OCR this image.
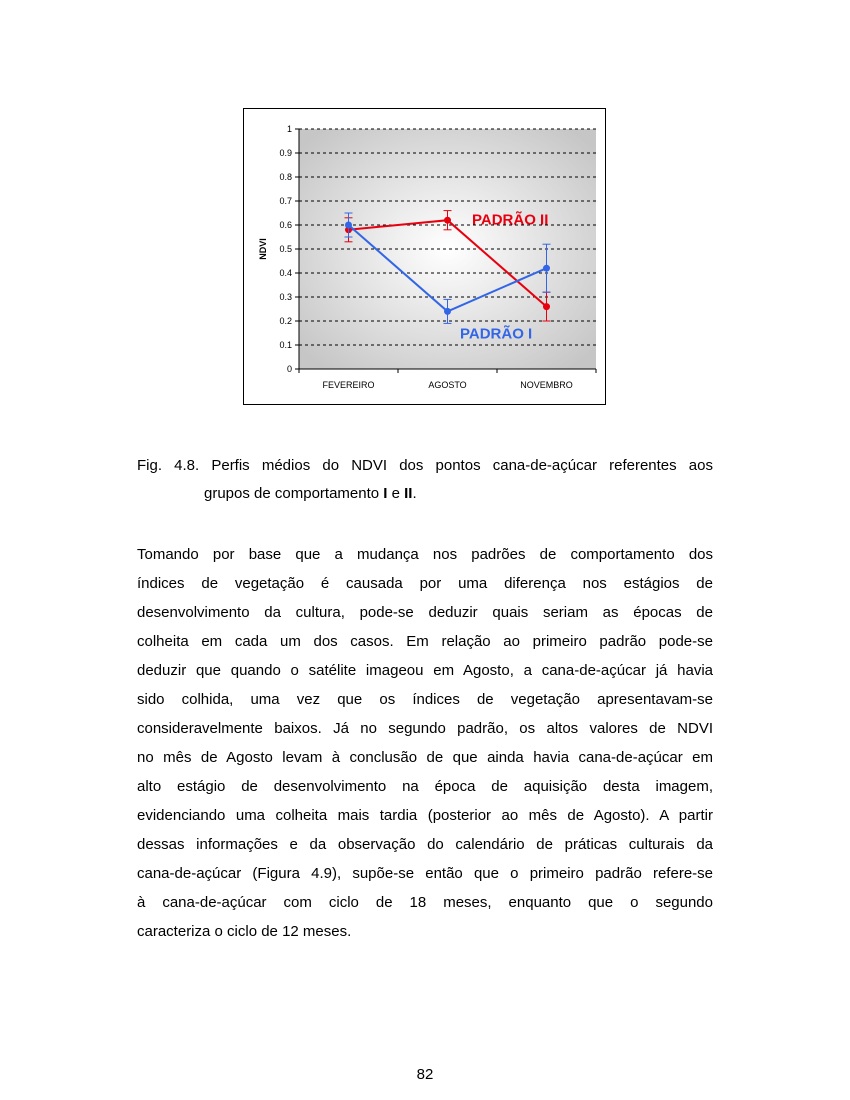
0
0.1
0.2
0.3
0.4
0.5
0.6
0.7
0.8
0.9
1
FEVEREIRO	AGOSTO	NOVEMBRO
NDVI
PADRÃO II
PADRÃO I
Fig. 4.8. Perfis médios do NDVI dos pontos cana-de-açúcar referentes aos
grupos de comportamento I e II.
Tomando por base que a mudança nos padrões de comportamento dos
índices de vegetação é causada por uma diferença nos estágios de
desenvolvimento da cultura, pode-se deduzir quais seriam as épocas de
colheita em cada um dos casos. Em relação ao primeiro padrão pode-se
deduzir que quando o satélite imageou em Agosto, a cana-de-açúcar já havia
sido colhida, uma vez que os índices de vegetação apresentavam-se
consideravelmente baixos. Já no segundo padrão, os altos valores de NDVI
no mês de Agosto levam à conclusão de que ainda havia cana-de-açúcar em
alto estágio de desenvolvimento na época de aquisição desta imagem,
evidenciando uma colheita mais tardia (posterior ao mês de Agosto). A partir
dessas informações e da observação do calendário de práticas culturais da
cana-de-açúcar (Figura 4.9), supõe-se então que o primeiro padrão refere-se
à cana-de-açúcar com ciclo de 18 meses, enquanto que o segundo
caracteriza o ciclo de 12 meses.
82
